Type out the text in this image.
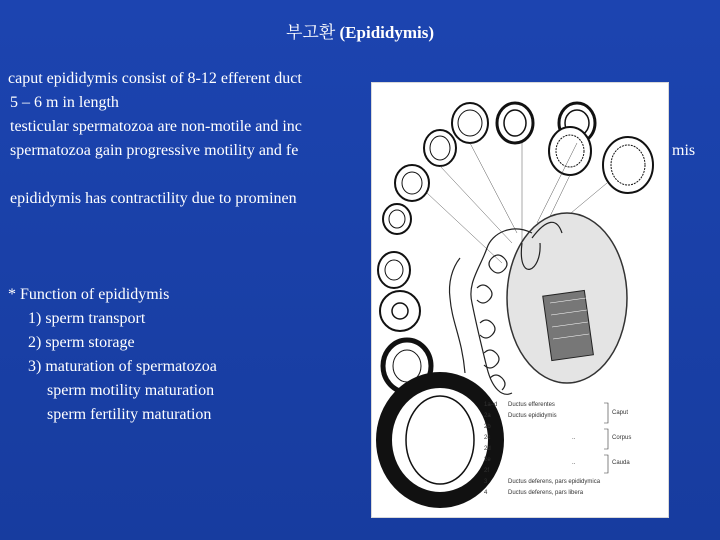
부고환 (Epididymis)
caput epididymis consist of 8-12 efferent duct
5 – 6 m in length
testicular spermatozoa are non-motile and inc
spermatozoa gain progressive motility and fe	mis
epididymis has contractility due to prominen
* Function of epididymis
1) sperm transport
2) sperm storage
3) maturation of spermatozoa
sperm motility maturation
sperm fertility maturation
1a–d Ductus efferentes
Caput
2a	Ductus epididymis
2b
2c	..	Corpus
2d
2e	..	Cauda
2f
3	Ductus deferens, pars epididymica
4	Ductus deferens, pars libera
